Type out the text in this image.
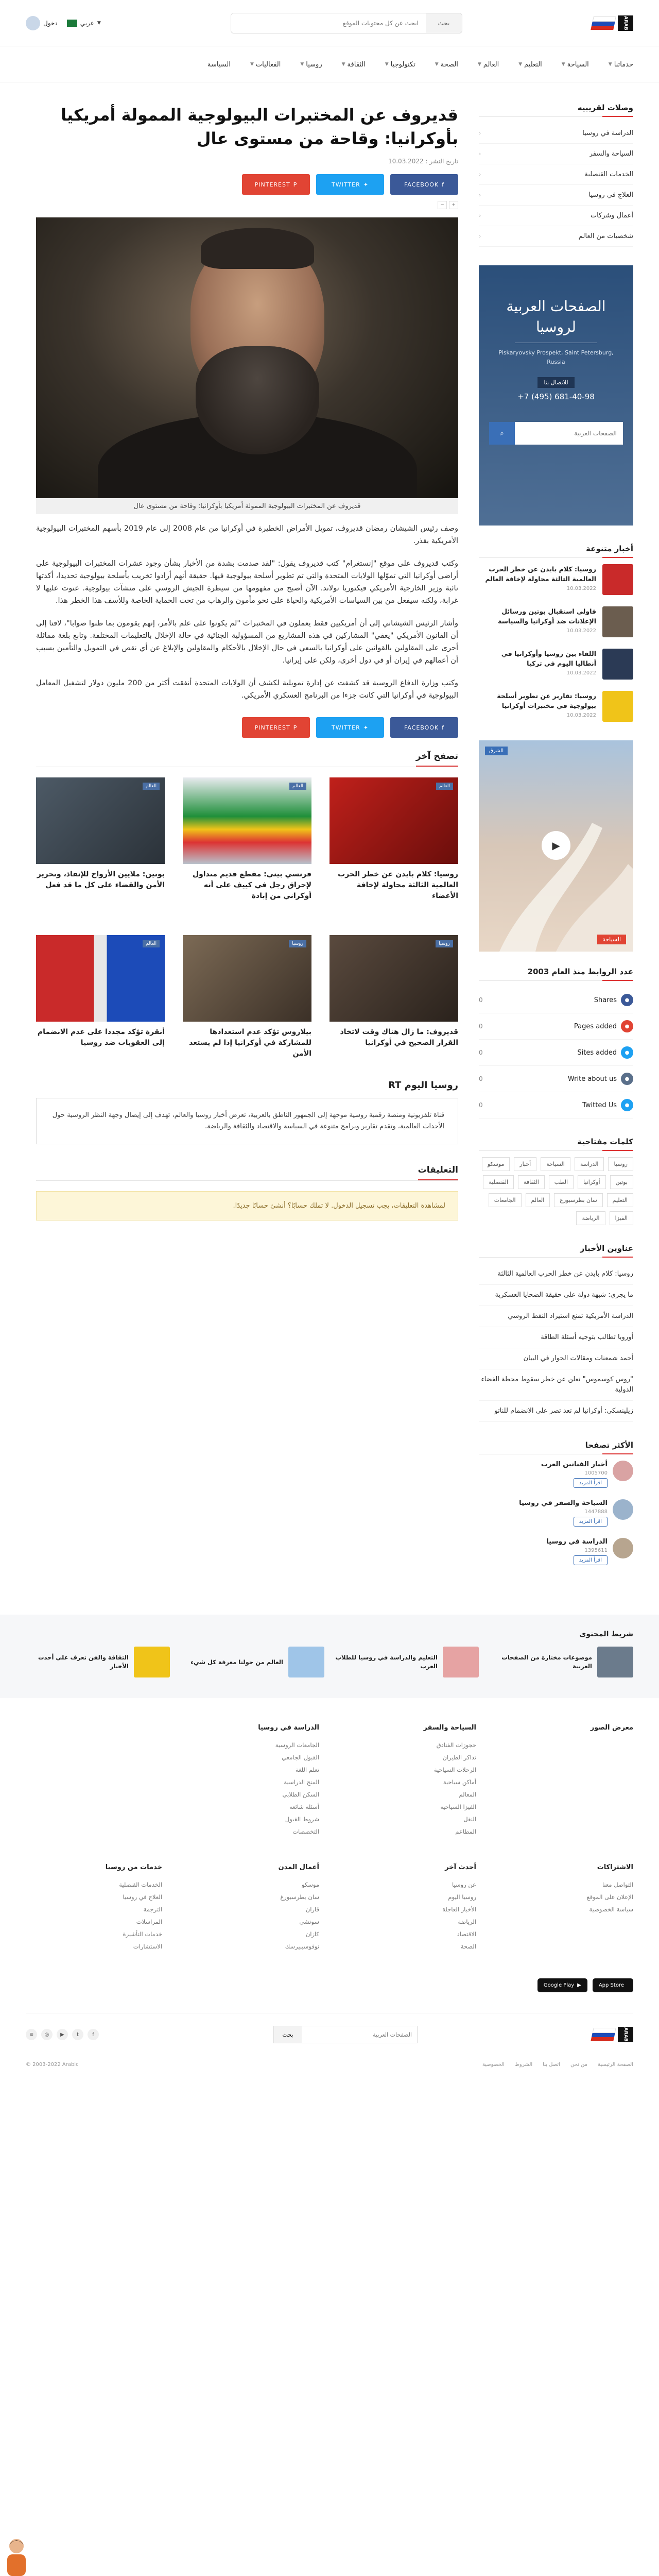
ARAB
بحث
ابحث عن كل محتويات الموقع
▼
عربي
دخول
خدماتنا
▼
السياحة
▼
التعليم
▼
العالم
▼
الصحة
▼
تكنولوجيا
▼
الثقافة
▼
روسيا
▼
الفعاليات
▼
السياسة
وصلات لقريبيه
الدراسة في روسيا
‹
السياحة والسفر
‹
الخدمات القنصلية
‹
العلاج في روسيا
‹
أعمال وشركات
‹
شخصيات من العالم
‹
الصفحات العربية لروسيا
Piskaryovsky Prospekt, Saint Petersburg, Russia
للاتصال بنا
+7 (495) 681-40-98
الصفحات العربية
⌕
أخبار متنوعة
روسيا: كلام بايدن عن خطر الحرب العالمية الثالثة محاولة لإخافة العالم
10.03.2022
فاولي استقبال بوتين ورسائل الإعلانات ضد أوكرانيا والسياسة
10.03.2022
اللقاء بين روسيا وأوكرانيا في أنطاليا اليوم في تركيا
10.03.2022
روسيا: تقارير عن تطوير أسلحة بيولوجية في مختبرات أوكرانيا
10.03.2022
الشرق
▶
السياحة
عدد الروابط منذ العام 2003
●
Shares
0
●
Pages added
0
●
Sites added
0
●
Write about us
0
●
Twitted Us
0
كلمات مفتاحية
روسيا
الدراسة
السياحة
أخبار
موسكو
بوتين
أوكرانيا
الطب
الثقافة
القنصلية
التعليم
سان بطرسبورغ
العالم
الجامعات
الفيزا
الرياضة
عناوين الأخبار
روسيا: كلام بايدن عن خطر الحرب العالمية الثالثة
ما يجري: شبهة دولة على حقيقة الضحايا العسكرية
الدراسة الأمريكية تمنع استيراد النفط الروسي
أوروبا تطالب بتوجيه أسئلة الطاقة
أحمد شمعنات ومقالات الحوار في البيان
"روس كوسموس" تعلن عن خطر سقوط محطة الفضاء الدولية
زيلينسكي: أوكرانيا لم تعد تصر على الانضمام للناتو
الأكثر تصفحا
أخبار الفنانين العرب
1005700
اقرأ المزيد
السياحة والسفر في روسيا
1447888
اقرأ المزيد
الدراسة في روسيا
1395611
اقرأ المزيد
قديروف عن المختبرات البيولوجية الممولة أمريكيا بأوكرانيا: وقاحة من مستوى عال
تاريخ النشر : 10.03.2022
f
FACEBOOK
✦
TWITTER
P
PINTEREST
+
−
قديروف عن المختبرات البيولوجية الممولة أمريكيا بأوكرانيا: وقاحة من مستوى عال

وصف رئيس الشيشان رمضان قديروف، تمويل الأمراض الخطيرة في أوكرانيا من عام 2008 إلى عام 2019 بأسهم المختبرات البيولوجية الأمريكية بقذر.

وكتب قديروف على موقع "إنستغرام" كتب قديروف يقول: "لقد صدمت بشدة من الأخبار بشأن وجود عشرات المختبرات البيولوجية على أراضي أوكرانيا التي تموّلها الولايات المتحدة والتي تم تطوير أسلحة بيولوجية فيها. حقيقة أنهم أرادوا تخريب بأسلحة بيولوجية تحديدا، أكدتها نائبة وزير الخارجية الأمريكي فيكتوريا نولاند. الآن أصبح من مفهومها من سيطرة الجيش الروسي على منشآت بيولوجية. عنوت عليها لا غرابة، ولكنه سيفعل من بين السياسات الأمريكية والحياة على نحو مأمون والرهاب من تحت الحماية الخاصة وللأسف هذا الخطر هذا.

وأشار الرئيس الشيشاني إلى أن أمريكيين فقط يعملون في المختبرات "لم يكونوا على علم بالأمر، إنهم يقومون بما ظنوا صوابا"، لافتا إلى أن القانون الأمريكي "يعفي" المشاركين في هذه المشاريع من المسؤولية الجنائية في حالة الإخلال بالتعليمات المختلفة. وتابع بلغة مماثلة أحرى على المقاولين بالقوانين على أوكرانيا بالسعي في حال الإخلال بالأحكام والمقاولين والإبلاغ عن أي نقص في التمويل والتأمين بسبب أن أعمالهم في إيران أو في دول أخرى، ولكن على إيرانيا.

وكتب وزارة الدفاع الروسية قد كشفت عن إدارة تمويلية لكشف أن الولايات المتحدة أنفقت أكثر من 200 مليون دولار لتشغيل المعامل البيولوجية في أوكرانيا التي كانت جزءا من البرنامج العسكري الأمريكي.

f
FACEBOOK
✦
TWITTER
P
PINTEREST
تصفح آخر
العالم
روسيا: كلام بايدن عن خطر الحرب العالمية الثالثة محاولة لإخافة الأعضاء
العالم
فرنسي بيني: مقطع قديم متداول لإحراق رجل في كييف على أنه أوكراني من إبادة
العالم
بوتين: ملايين الأرواح للإنقاذ، وتحرير الأمن والقضاء على كل ما قد فعل
روسيا
قديروف: ما زال هناك وقت لاتخاذ القرار الصحيح في أوكرانيا
روسيا
بيلاروس تؤكد عدم استعدادها للمشاركة في أوكرانيا إذا لم يستعد الأمن
العالم
أنقرة تؤكد مجددا على عدم الانضمام إلى العقوبات ضد روسيا
روسيا اليوم RT
قناة تلفزيونية ومنصة رقمية روسية موجهة إلى الجمهور الناطق بالعربية، تعرض أخبار روسيا والعالم، تهدف إلى إيصال وجهة النظر الروسية حول الأحداث العالمية، وتقدم تقارير وبرامج متنوعة في السياسة والاقتصاد والثقافة والرياضة.
التعليقات
لمشاهدة التعليقات، يجب تسجيل الدخول. لا تملك حسابًا؟ أنشئ حسابًا جديدًا.
شريط المحتوى
موضوعات مختارة من الصفحات العربية
التعليم والدراسة في روسيا للطلاب العرب
العالم من حولنا معرفة كل شيء
الثقافة والفن تعرف على أحدث الأخبار
معرض الصور
السياحة والسفر
حجوزات الفنادق
تذاكر الطيران
الرحلات السياحية
أماكن سياحية
المعالم
الفيزا السياحية
النقل
المطاعم
الدراسة في روسيا
الجامعات الروسية
القبول الجامعي
تعلم اللغة
المنح الدراسية
السكن الطلابي
أسئلة شائعة
شروط القبول
التخصصات
الاشتراكات
التواصل معنا
الإعلان على الموقع
سياسة الخصوصية
أحدث آخر
عن روسيا
روسيا اليوم
الأخبار العاجلة
الرياضة
الاقتصاد
الصحة
أعمال المدن
موسكو
سان بطرسبورغ
قازان
سوتشي
كازان
نوفوسيبيرسك
خدمات من روسيا
الخدمات القنصلية
العلاج في روسيا
الترجمة
المراسلات
خدمات التأشيرة
الاستشارات
App Store
▶
Google Play
ARAB
الصفحات العربية
بحث
f
t
▶
◎
≋
الصفحة الرئيسية
من نحن
اتصل بنا
الشروط
الخصوصية
© 2003-2022 Arabic
